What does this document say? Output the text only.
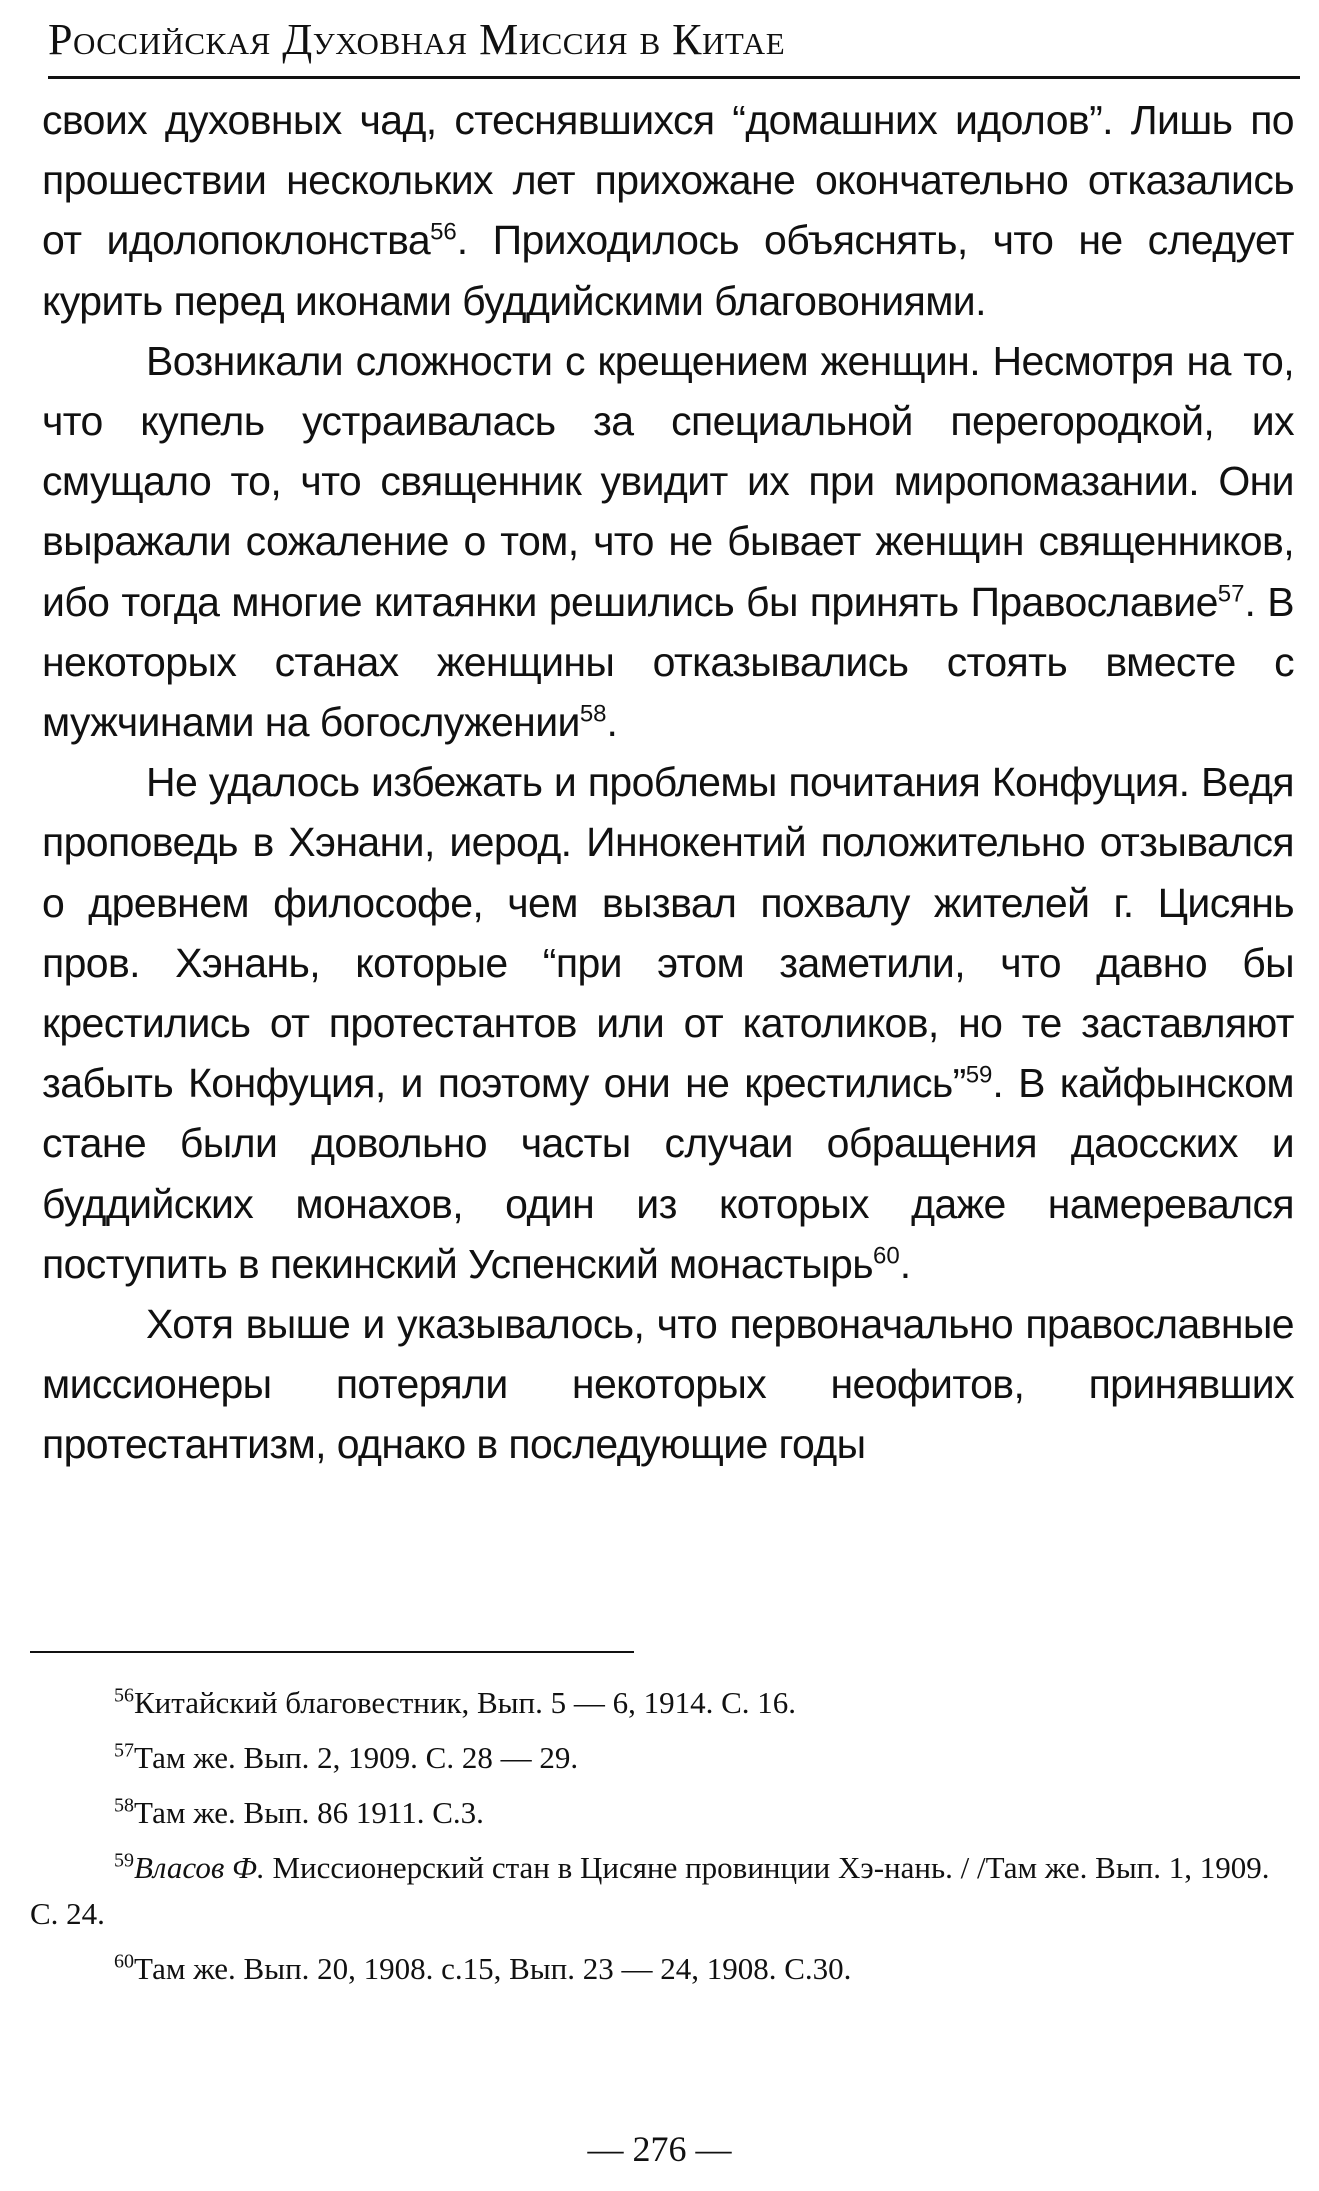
Российская Духовная Миссия в Китае

своих духовных чад, стеснявшихся “домашних идолов”. Лишь по прошествии нескольких лет прихожане окончательно отказались от идолопоклонства$^{56}$. Приходилось объяснять, что не следует курить перед иконами буддийскими благовониями.

Возникали сложности с крещением женщин. Несмотря на то, что купель устраивалась за специальной перегородкой, их смущало то, что священник увидит их при миропомазании. Они выражали сожаление о том, что не бывает женщин священников, ибо тогда многие китаянки решились бы принять Православие$^{57}$. В некоторых станах женщины отказывались стоять вместе с мужчинами на богослужении$^{58}$.

Не удалось избежать и проблемы почитания Конфуция. Ведя проповедь в Хэнани, иерод. Иннокентий положительно отзывался о древнем философе, чем вызвал похвалу жителей г. Цисянь пров. Хэнань, которые “при этом заметили, что давно бы крестились от протестантов или от католиков, но те заставляют забыть Конфуция, и поэтому они не крестились”$^{59}$. В кайфынском стане были довольно часты случаи обращения даосских и буддийских монахов, один из которых даже намеревался поступить в пекинский Успенский монастырь$^{60}$.

Хотя выше и указывалось, что первоначально православные миссионеры потеряли некоторых неофитов, принявших протестантизм, однако в последующие годы

$^{56}$Китайский благовестник, Вып. 5 — 6, 1914. С. 16.

$^{57}$Там же. Вып. 2, 1909. С. 28 — 29.

$^{58}$Там же. Вып. 86 1911. С.3.

$^{59}$Власов Ф. Миссионерский стан в Цисяне провинции Хэ-нань. / /Там же. Вып. 1, 1909. С. 24.

$^{60}$Там же. Вып. 20, 1908. с.15, Вып. 23 — 24, 1908. С.30.

— 276 —
